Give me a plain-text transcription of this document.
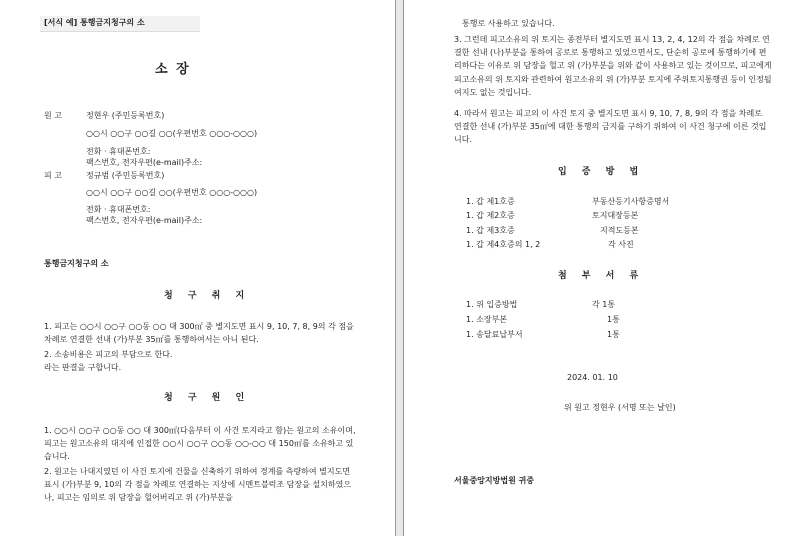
[서식 예] 통행금지청구의 소
소 장
원 고	정현우 (주민등록번호)
○○시 ○○구 ○○길 ○○(우편번호 ○○○-○○○)
전화 · 휴대폰번호:
팩스번호, 전자우편(e-mail)주소:
피 고	정규범 (주민등록번호)
○○시 ○○구 ○○길 ○○(우편번호 ○○○-○○○)
전화 · 휴대폰번호:
팩스번호, 전자우편(e-mail)주소:
통행금지청구의 소
청 구 취 지
1. 피고는 ○○시 ○○구 ○○동 ○○ 대 300㎡ 중 별지도면 표시 9, 10, 7, 8, 9의 각 점을 차례로 연결한 선내 (가)부분 35㎡를 통행하여서는 아니 된다.
2. 소송비용은 피고의 부담으로 한다.
라는 판결을 구합니다.
청 구 원 인
1. ○○시 ○○구 ○○동 ○○ 대 300㎡(다음부터 이 사건 토지라고 함)는 원고의 소유이며, 피고는 원고소유의 대지에 인접한 ○○시 ○○구 ○○동 ○○-○○ 대 150㎡를 소유하고 있습니다.
2. 원고는 나대지였던 이 사건 토지에 건물을 신축하기 위하여 경계를 측량하여 별지도면 표시 (가)부분 9, 10의 각 점을 차례로 연결하는 지상에 시멘트블럭조 담장을 설치하였으나, 피고는 임의로 위 담장을 헐어버리고 위 (가)부분을
통행로 사용하고 있습니다.
3. 그런데 피고소유의 위 토지는 종전부터 별지도면 표시 13, 2, 4, 12의 각 점을 차례로 연결한 선내 (나)부분을 통하여 공로로 통행하고 있었으면서도, 단순히 공로에 통행하기에 편리하다는 이유로 위 담장을 헐고 위 (가)부분을 위와 같이 사용하고 있는 것이므로, 피고에게 피고소유의 위 토지와 관련하여 원고소유의 위 (가)부분 토지에 주위토지통행권 등이 인정될 여지도 없는 것입니다.
4. 따라서 원고는 피고의 이 사건 토지 중 별지도면 표시 9, 10, 7, 8, 9의 각 점을 차례로 연결한 선내 (가)부분 35㎡에 대한 통행의 금지를 구하기 위하여 이 사건 청구에 이른 것입니다.
입 증 방 법
1. 갑 제1호증	부동산등기사항증명서
1. 갑 제2호증	토지대장등본
1. 갑 제3호증	지적도등본
1. 갑 제4호증의 1, 2	각 사진
첨 부 서 류
1. 위 입증방법	각 1통
1. 소장부본	1통
1. 송달료납부서	1통
2024. 01. 10
위 원고 정현우 (서명 또는 날인)
서울중앙지방법원 귀중
